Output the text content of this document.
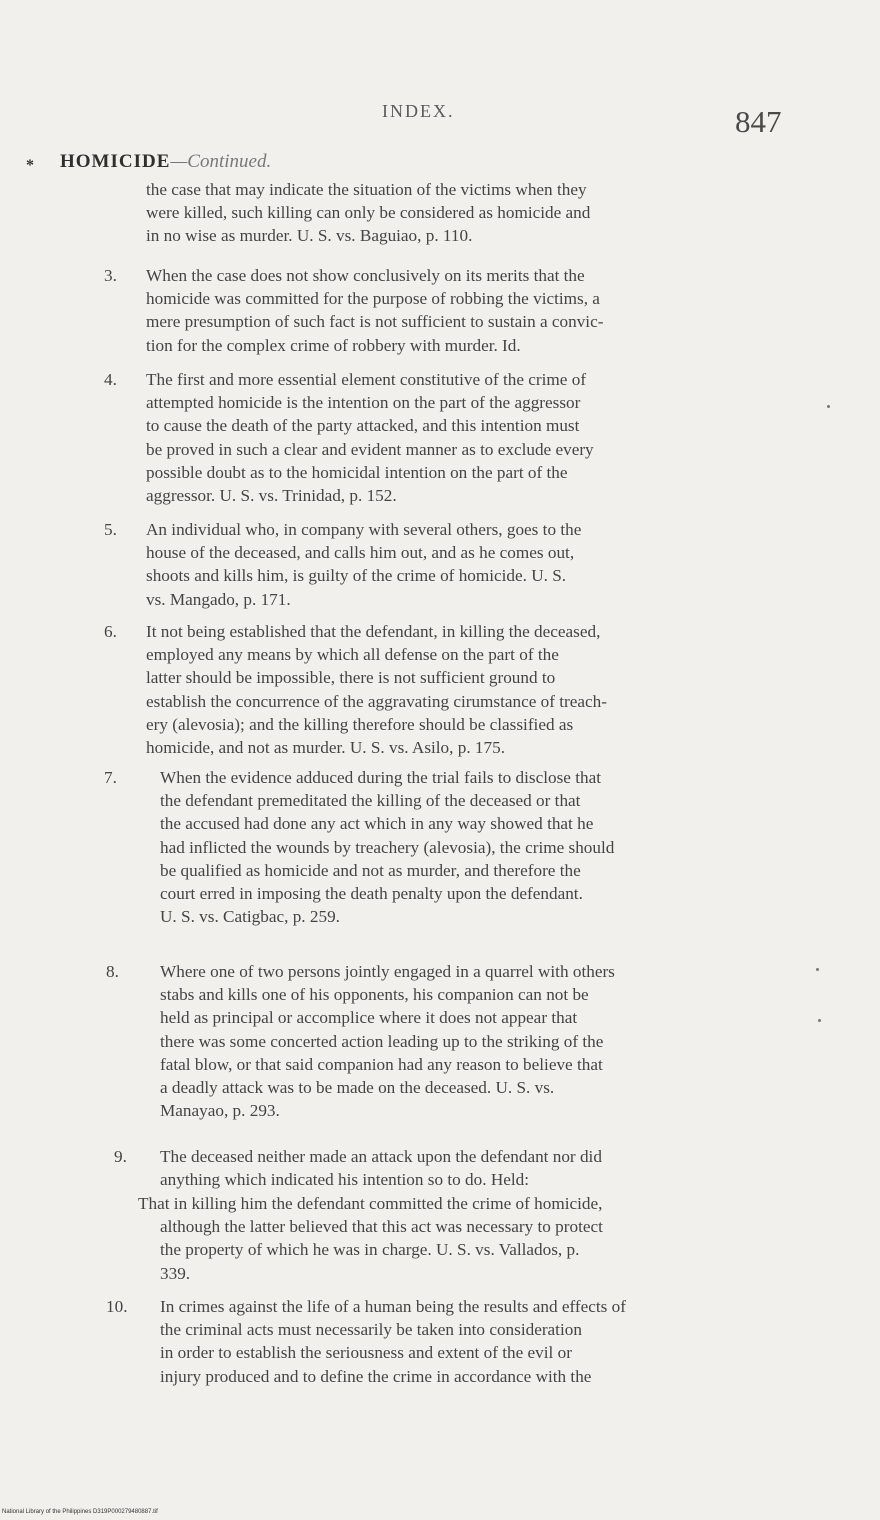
INDEX.	847
* HOMICIDE—Continued.
the case that may indicate the situation of the victims when they
were killed, such killing can only be considered as homicide and
in no wise as murder. U. S. vs. Baguiao, p. 110.
3. When the case does not show conclusively on its merits that the
homicide was committed for the purpose of robbing the victims, a
mere presumption of such fact is not sufficient to sustain a convic-
tion for the complex crime of robbery with murder. Id.
4. The first and more essential element constitutive of the crime of
attempted homicide is the intention on the part of the aggressor
to cause the death of the party attacked, and this intention must
be proved in such a clear and evident manner as to exclude every
possible doubt as to the homicidal intention on the part of the
aggressor. U. S. vs. Trinidad, p. 152.
5. An individual who, in company with several others, goes to the
house of the deceased, and calls him out, and as he comes out,
shoots and kills him, is guilty of the crime of homicide. U. S.
vs. Mangado, p. 171.
6. It not being established that the defendant, in killing the deceased,
employed any means by which all defense on the part of the
latter should be impossible, there is not sufficient ground to
establish the concurrence of the aggravating cirumstance of treach-
ery (alevosia); and the killing therefore should be classified as
homicide, and not as murder. U. S. vs. Asilo, p. 175.
7.	When the evidence adduced during the trial fails to disclose that
the defendant premeditated the killing of the deceased or that
the accused had done any act which in any way showed that he
had inflicted the wounds by treachery (alevosia), the crime should
be qualified as homicide and not as murder, and therefore the
court erred in imposing the death penalty upon the defendant.
U. S. vs. Catigbac, p. 259.
8. Where one of two persons jointly engaged in a quarrel with others
stabs and kills one of his opponents, his companion can not be
held as principal or accomplice where it does not appear that
there was some concerted action leading up to the striking of the
fatal blow, or that said companion had any reason to believe that
a deadly attack was to be made on the deceased. U. S. vs.
Manayao, p. 293.
9. The deceased neither made an attack upon the defendant nor did
anything which indicated his intention so to do. Held:
That in killing him the defendant committed the crime of homicide,
although the latter believed that this act was necessary to protect
the property of which he was in charge. U. S. vs. Vallados, p.
339.
10. In crimes against the life of a human being the results and effects of
the criminal acts must necessarily be taken into consideration
in order to establish the seriousness and extent of the evil or
injury produced and to define the crime in accordance with the
National Library of the Philippines D319P000279480887.tif
